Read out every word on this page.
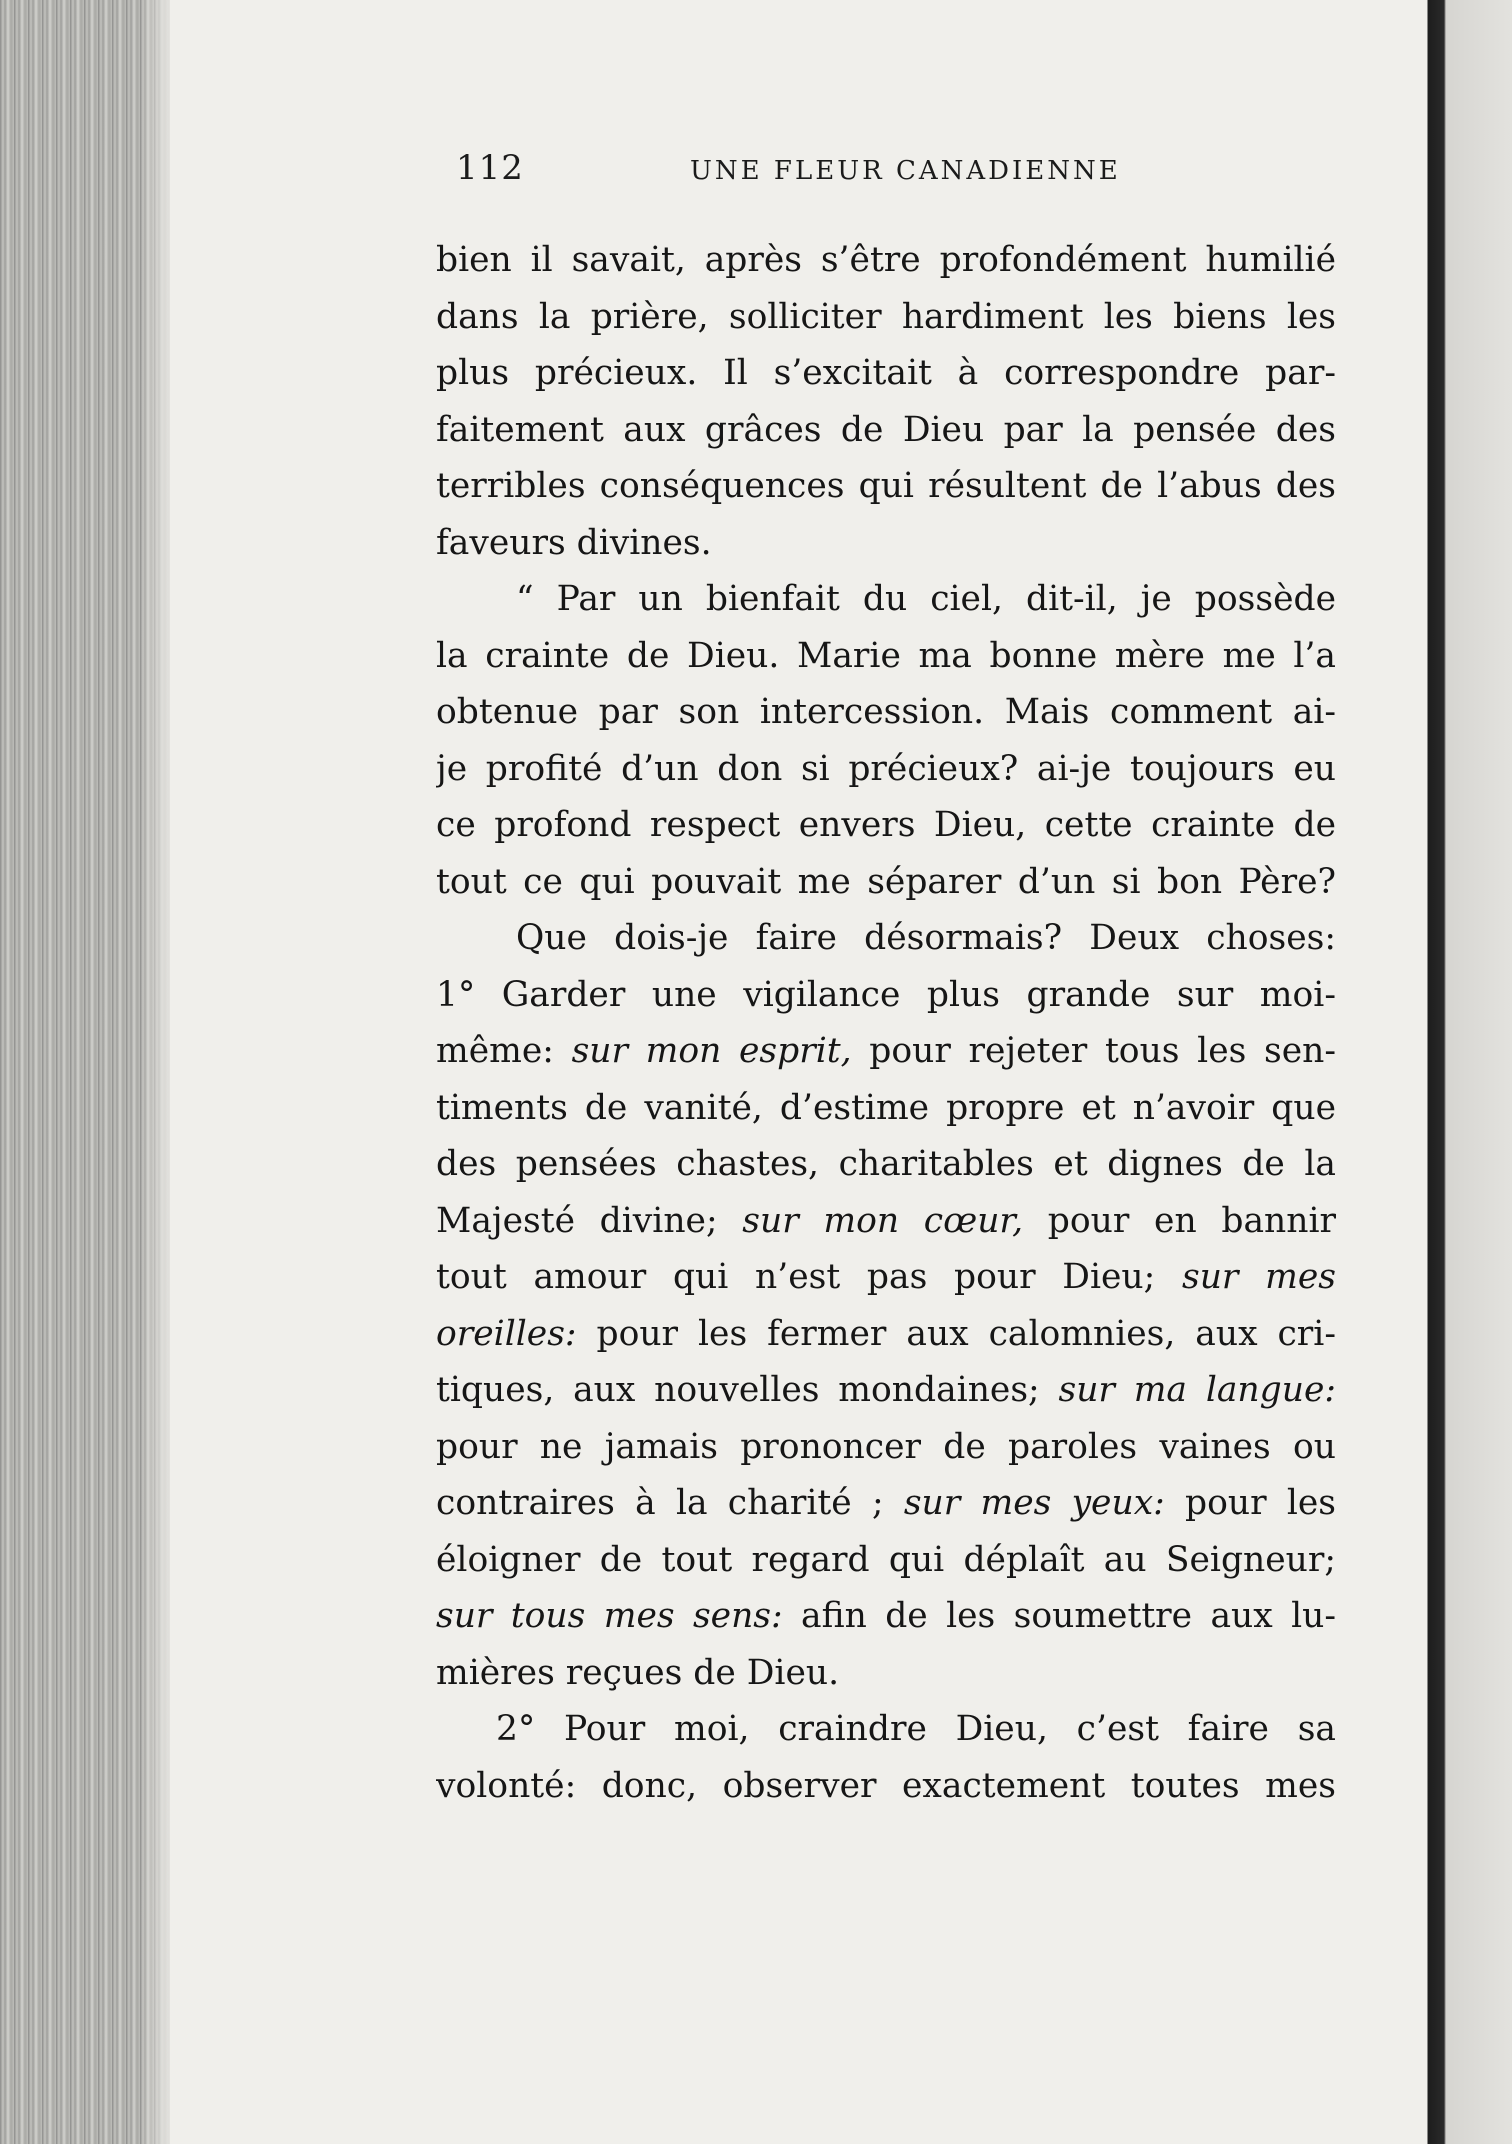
112	UNE FLEUR CANADIENNE
bien il savait, après s’être profondément humilié
dans la prière, solliciter hardiment les biens les
plus précieux. Il s’excitait à correspondre par-
faitement aux grâces de Dieu par la pensée des
terribles conséquences qui résultent de l’abus des
faveurs divines.
“ Par un bienfait du ciel, dit-il, je possède
la crainte de Dieu. Marie ma bonne mère me l’a
obtenue par son intercession. Mais comment ai-
je profité d’un don si précieux? ai-je toujours eu
ce profond respect envers Dieu, cette crainte de
tout ce qui pouvait me séparer d’un si bon Père?
Que dois-je faire désormais? Deux choses:
1° Garder une vigilance plus grande sur moi-
même: sur mon esprit, pour rejeter tous les sen-
timents de vanité, d’estime propre et n’avoir que
des pensées chastes, charitables et dignes de la
Majesté divine; sur mon cœur, pour en bannir
tout amour qui n’est pas pour Dieu; sur mes
oreilles: pour les fermer aux calomnies, aux cri-
tiques, aux nouvelles mondaines; sur ma langue:
pour ne jamais prononcer de paroles vaines ou
contraires à la charité ; sur mes yeux: pour les
éloigner de tout regard qui déplaît au Seigneur;
sur tous mes sens: afin de les soumettre aux lu-
mières reçues de Dieu.
2° Pour moi, craindre Dieu, c’est faire sa
volonté: donc, observer exactement toutes mes
